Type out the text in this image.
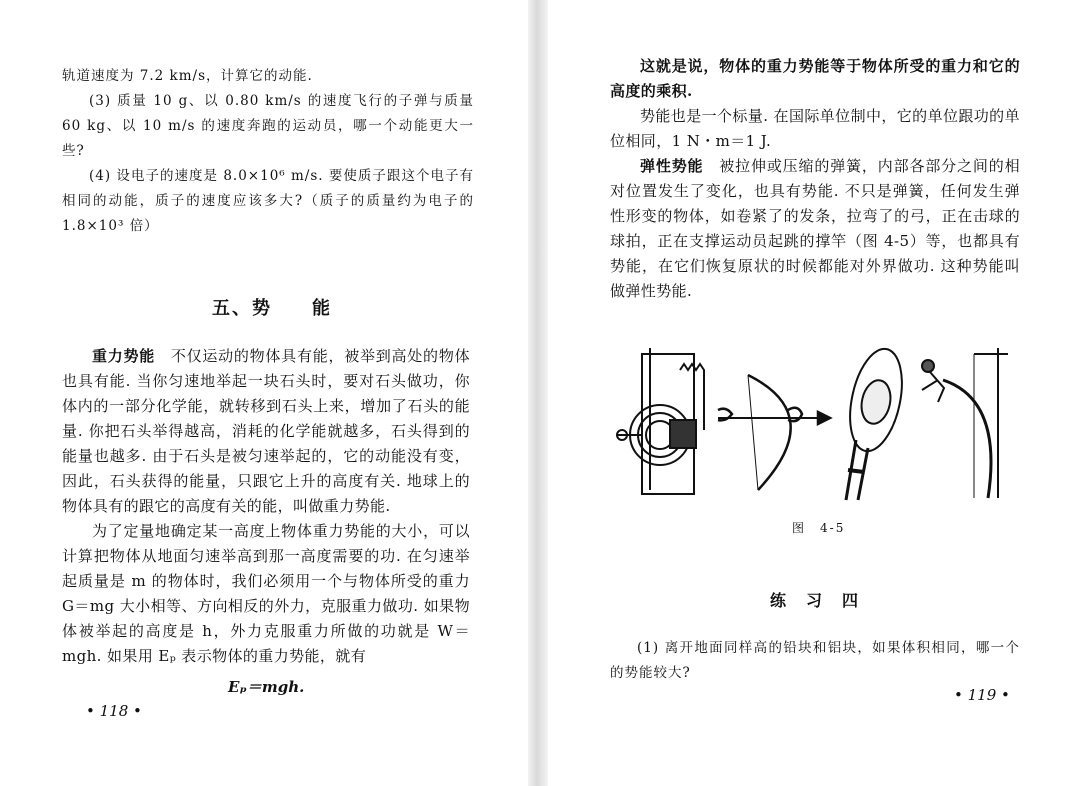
轨道速度为 7.2 km/s，计算它的动能.

(3) 质量 10 g、以 0.80 km/s 的速度飞行的子弹与质量 60 kg、以 10 m/s 的速度奔跑的运动员，哪一个动能更大一些?

(4) 设电子的速度是 8.0×10⁶ m/s. 要使质子跟这个电子有相同的动能，质子的速度应该多大?（质子的质量约为电子的 1.8×10³ 倍）

五、势　　能

重力势能　 不仅运动的物体具有能，被举到高处的物体也具有能. 当你匀速地举起一块石头时，要对石头做功，你体内的一部分化学能，就转移到石头上来，增加了石头的能量. 你把石头举得越高，消耗的化学能就越多，石头得到的能量也越多. 由于石头是被匀速举起的，它的动能没有变，因此，石头获得的能量，只跟它上升的高度有关. 地球上的物体具有的跟它的高度有关的能，叫做重力势能.

为了定量地确定某一高度上物体重力势能的大小，可以计算把物体从地面匀速举高到那一高度需要的功. 在匀速举起质量是 m 的物体时，我们必须用一个与物体所受的重力 G＝mg 大小相等、方向相反的外力，克服重力做功. 如果物体被举起的高度是 h，外力克服重力所做的功就是 W＝mgh. 如果用 Eₚ 表示物体的重力势能，就有

Eₚ＝mgh.
• 118 •

这就是说，物体的重力势能等于物体所受的重力和它的高度的乘积.

势能也是一个标量. 在国际单位制中，它的单位跟功的单位相同，1 N・m＝1 J.

弹性势能　 被拉伸或压缩的弹簧，内部各部分之间的相对位置发生了变化，也具有势能. 不只是弹簧，任何发生弹性形变的物体，如卷紧了的发条，拉弯了的弓，正在击球的球拍，正在支撑运动员起跳的撑竿（图 4-5）等，也都具有势能，在它们恢复原状的时候都能对外界做功. 这种势能叫做弹性势能.

图　4-5
练　习　四

(1) 离开地面同样高的铅块和铝块，如果体积相同，哪一个的势能较大?

• 119 •
